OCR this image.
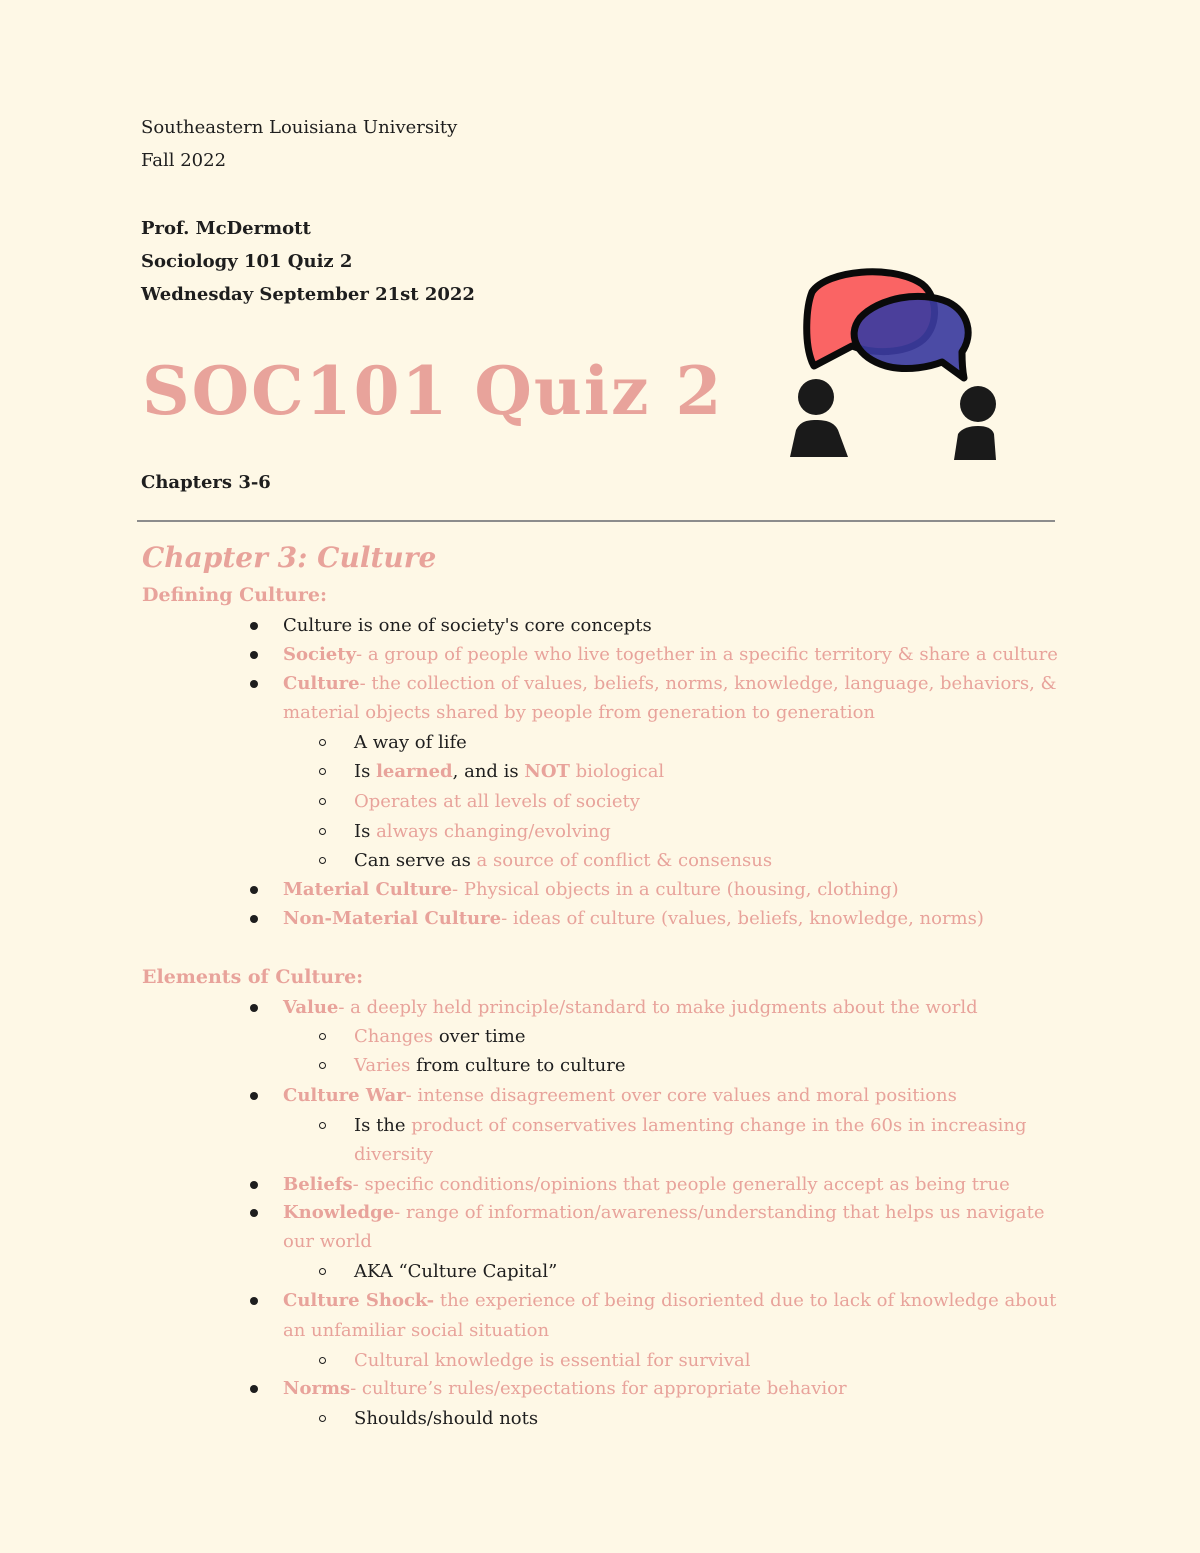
Southeastern Louisiana University
Fall 2022
Prof. McDermott
Sociology 101 Quiz 2
Wednesday September 21st 2022
SOC101 Quiz 2
Chapters 3-6
Chapter 3: Culture
Defining Culture:
Culture is one of society's core concepts
Society- a group of people who live together in a specific territory & share a culture
Culture- the collection of values, beliefs, norms, knowledge, language, behaviors, &
material objects shared by people from generation to generation
A way of life
Is learned, and is NOT biological
Operates at all levels of society
Is always changing/evolving
Can serve as a source of conflict & consensus
Material Culture- Physical objects in a culture (housing, clothing)
Non-Material Culture- ideas of culture (values, beliefs, knowledge, norms)
Elements of Culture:
Value- a deeply held principle/standard to make judgments about the world
Changes over time
Varies from culture to culture
Culture War- intense disagreement over core values and moral positions
Is the product of conservatives lamenting change in the 60s in increasing
diversity
Beliefs- specific conditions/opinions that people generally accept as being true
Knowledge- range of information/awareness/understanding that helps us navigate
our world
AKA “Culture Capital”
Culture Shock- the experience of being disoriented due to lack of knowledge about
an unfamiliar social situation
Cultural knowledge is essential for survival
Norms- culture’s rules/expectations for appropriate behavior
Shoulds/should nots
